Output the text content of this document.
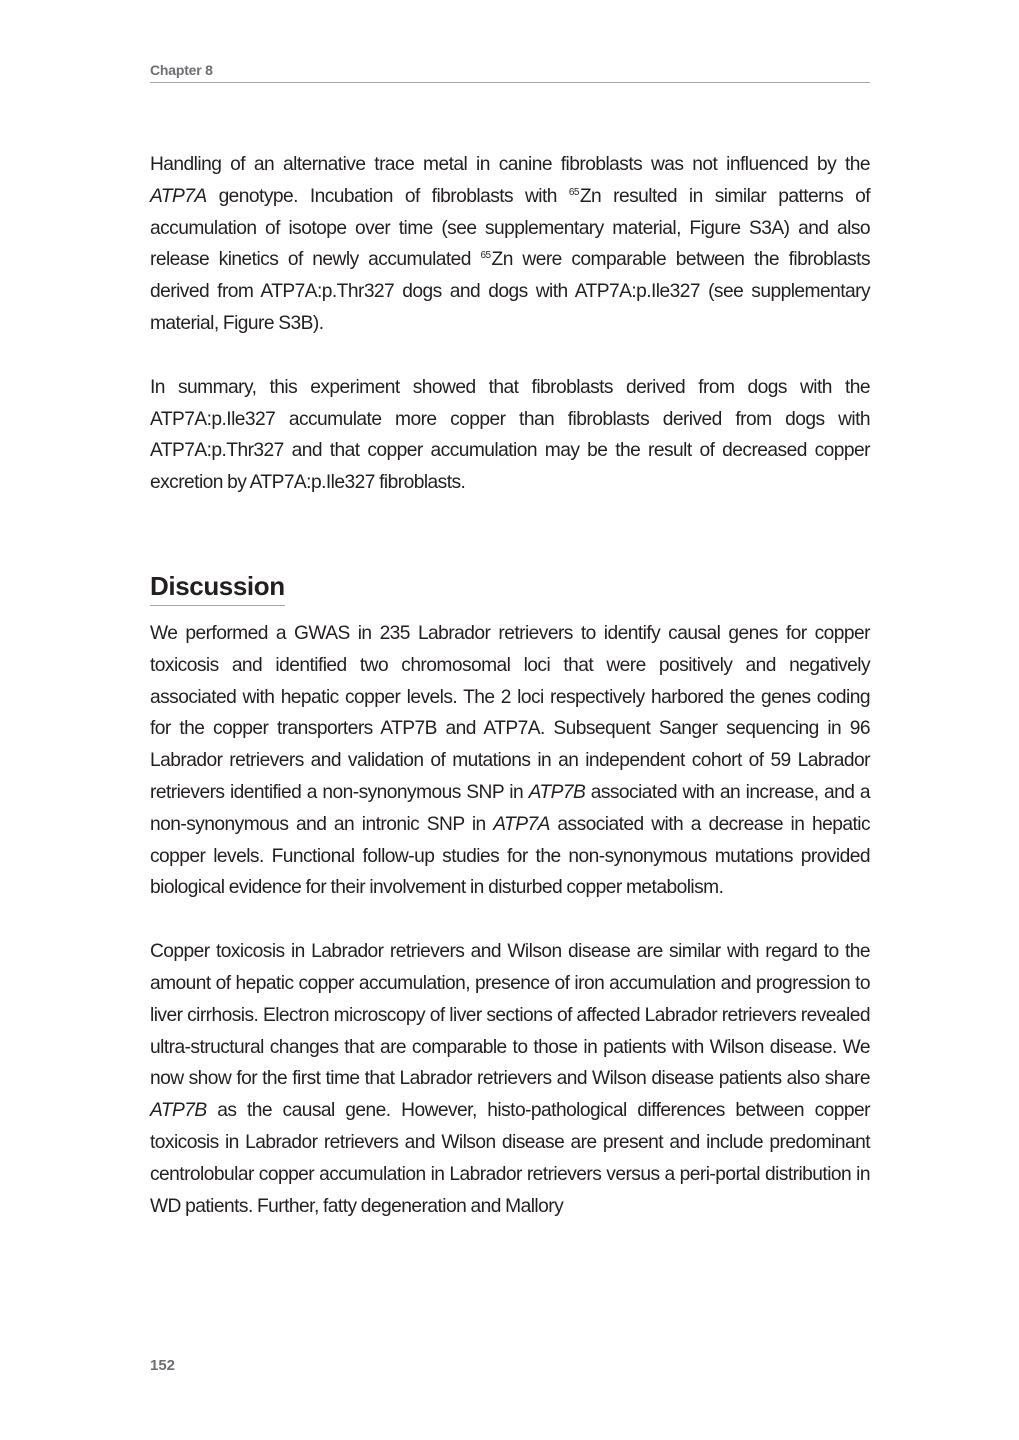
Chapter 8

Handling of an alternative trace metal in canine fibroblasts was not influenced by the ATP7A genotype. Incubation of fibroblasts with $^{65}$Zn resulted in similar patterns of accumulation of isotope over time (see supplementary material, Figure S3A) and also release kinetics of newly accumulated $^{65}$Zn were comparable between the fibroblasts derived from ATP7A:p.Thr327 dogs and dogs with ATP7A:p.Ile327 (see supplementary material, Figure S3B).

In summary, this experiment showed that fibroblasts derived from dogs with the ATP7A:p.Ile327 accumulate more copper than fibroblasts derived from dogs with ATP7A:p.Thr327 and that copper accumulation may be the result of decreased copper excretion by ATP7A:p.Ile327 fibroblasts.

Discussion

We performed a GWAS in 235 Labrador retrievers to identify causal genes for copper toxicosis and identified two chromosomal loci that were positively and negatively associated with hepatic copper levels. The 2 loci respectively harbored the genes coding for the copper transporters ATP7B and ATP7A. Subsequent Sanger sequencing in 96 Labrador retrievers and validation of mutations in an independent cohort of 59 Labrador retrievers identified a non-synonymous SNP in ATP7B associated with an increase, and a non-synonymous and an intronic SNP in ATP7A associated with a decrease in hepatic copper levels. Functional follow-up studies for the non-synonymous mutations provided biological evidence for their involvement in disturbed copper metabolism.

Copper toxicosis in Labrador retrievers and Wilson disease are similar with regard to the amount of hepatic copper accumulation, presence of iron accumulation and progression to liver cirrhosis. Electron microscopy of liver sections of affected Labrador retrievers revealed ultra-structural changes that are comparable to those in patients with Wilson disease. We now show for the first time that Labrador retrievers and Wilson disease patients also share ATP7B as the causal gene. However, histo-pathological differences between copper toxicosis in Labrador retrievers and Wilson disease are present and include predominant centrolobular copper accumulation in Labrador retrievers versus a peri-portal distribution in WD patients. Further, fatty degeneration and Mallory

152
